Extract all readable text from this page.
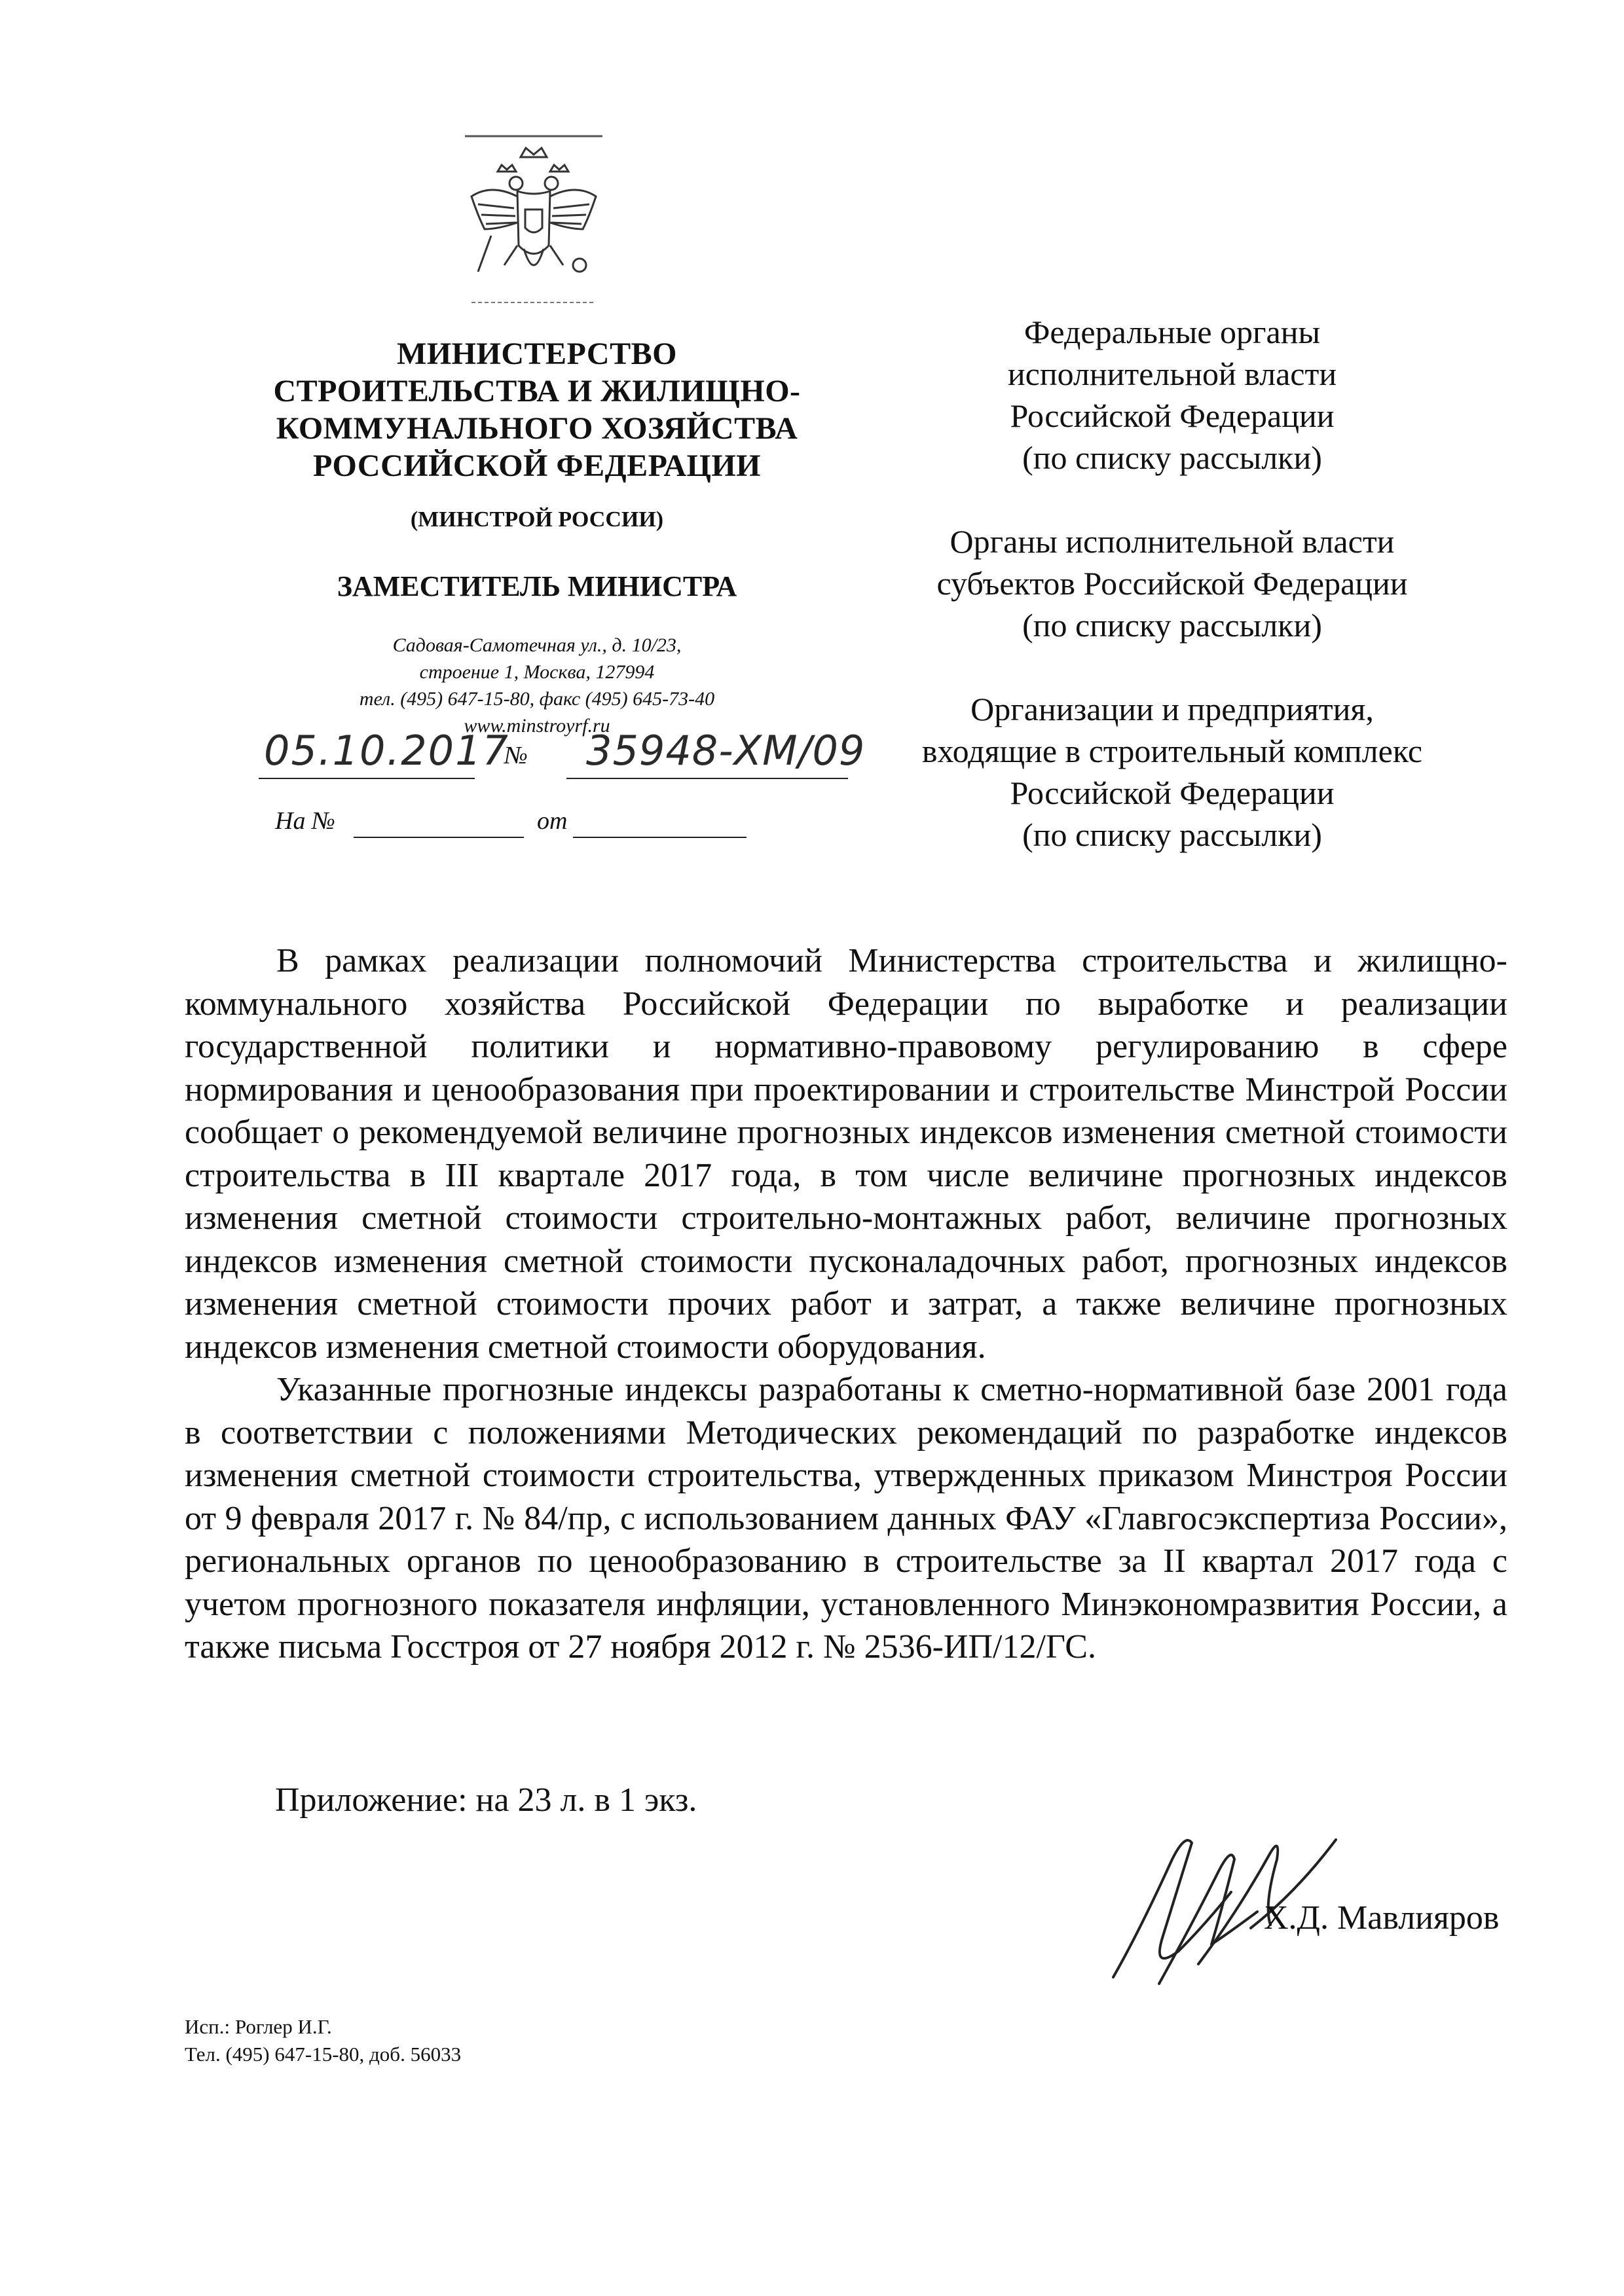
МИНИСТЕРСТВО
СТРОИТЕЛЬСТВА И ЖИЛИЩНО-
КОММУНАЛЬНОГО ХОЗЯЙСТВА
РОССИЙСКОЙ ФЕДЕРАЦИИ
(МИНСТРОЙ РОССИИ)
ЗАМЕСТИТЕЛЬ МИНИСТРА
Садовая-Самотечная ул., д. 10/23,
строение 1, Москва, 127994
тел. (495) 647-15-80, факс (495) 645-73-40
www.minstroyrf.ru
05.10.2017
№ 35948-ХМ/09
На №	от
Федеральные органы
исполнительной власти
Российской Федерации
(по списку рассылки)
Органы исполнительной власти
субъектов Российской Федерации
(по списку рассылки)
Организации и предприятия,
входящие в строительный комплекс
Российской Федерации
(по списку рассылки)

В рамках реализации полномочий Министерства строительства и жилищно-коммунального хозяйства Российской Федерации по выработке и реализации государственной политики и нормативно-правовому регулированию в сфере нормирования и ценообразования при проектировании и строительстве Минстрой России сообщает о рекомендуемой величине прогнозных индексов изменения сметной стоимости строительства в III квартале 2017 года, в том числе величине прогнозных индексов изменения сметной стоимости строительно-монтажных работ, величине прогнозных индексов изменения сметной стоимости пусконаладочных работ, прогнозных индексов изменения сметной стоимости прочих работ и затрат, а также величине прогнозных индексов изменения сметной стоимости оборудования.

Указанные прогнозные индексы разработаны к сметно-нормативной базе 2001 года в соответствии с положениями Методических рекомендаций по разработке индексов изменения сметной стоимости строительства, утвержденных приказом Минстроя России от 9 февраля 2017 г. № 84/пр, с использованием данных ФАУ «Главгосэкспертиза России», региональных органов по ценообразованию в строительстве за II квартал 2017 года с учетом прогнозного показателя инфляции, установленного Минэкономразвития России, а также письма Госстроя от 27 ноября 2012 г. № 2536-ИП/12/ГС.

Приложение: на 23 л. в 1 экз.
Х.Д. Мавлияров
Исп.: Роглер И.Г.
Тел. (495) 647-15-80, доб. 56033
